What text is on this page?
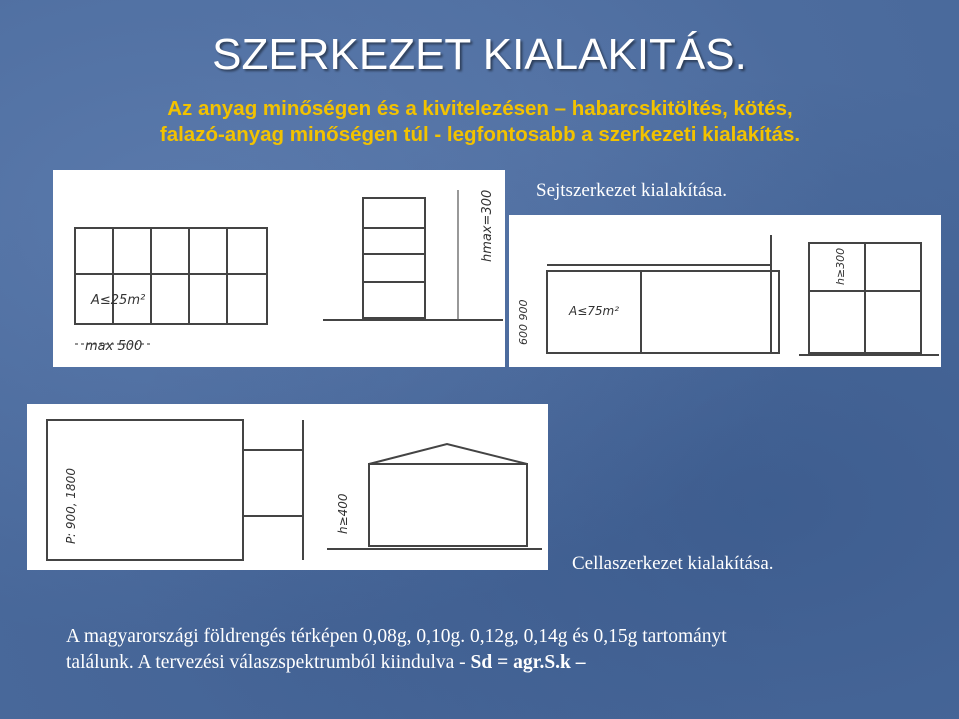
SZERKEZET KIALAKITÁS.
Az anyag minőségen és a kivitelezésen – habarcskitöltés, kötés,
falazó-anyag minőségen túl - legfontosabb a szerkezeti kialakítás.
A≤25m²
max 500
hmax=300 Sejtszerkezet kialakítása.
A≤75m²
600 900
h≥300
P: 900, 1800	h≥400
Cellaszerkezet kialakítása.
A magyarországi földrengés térképen 0,08g, 0,10g. 0,12g, 0,14g és 0,15g tartományt
találunk. A tervezési válaszspektrumból kiindulva - Sd = agr.S.k –
